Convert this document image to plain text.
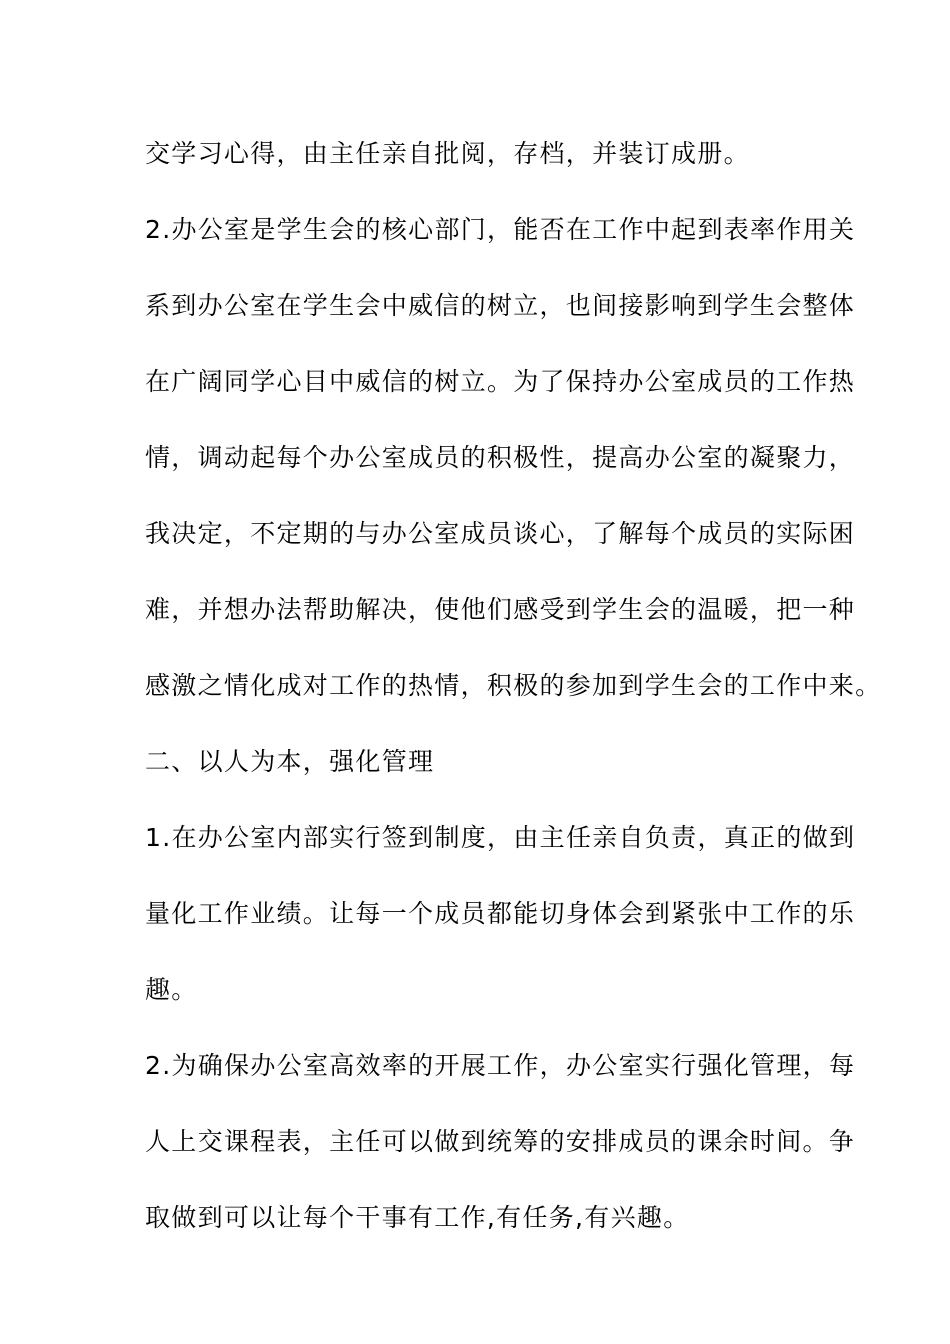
交学习心得，由主任亲自批阅，存档，并装订成册。
2.办公室是学生会的核心部门，能否在工作中起到表率作用关
系到办公室在学生会中威信的树立，也间接影响到学生会整体
在广阔同学心目中威信的树立。为了保持办公室成员的工作热
情，调动起每个办公室成员的积极性，提高办公室的凝聚力，
我决定，不定期的与办公室成员谈心，了解每个成员的实际困
难，并想办法帮助解决，使他们感受到学生会的温暖，把一种
感激之情化成对工作的热情，积极的参加到学生会的工作中来。
二、以人为本，强化管理
1.在办公室内部实行签到制度，由主任亲自负责，真正的做到
量化工作业绩。让每一个成员都能切身体会到紧张中工作的乐
趣。
2.为确保办公室高效率的开展工作，办公室实行强化管理，每
人上交课程表，主任可以做到统筹的安排成员的课余时间。争
取做到可以让每个干事有工作,有任务,有兴趣。
